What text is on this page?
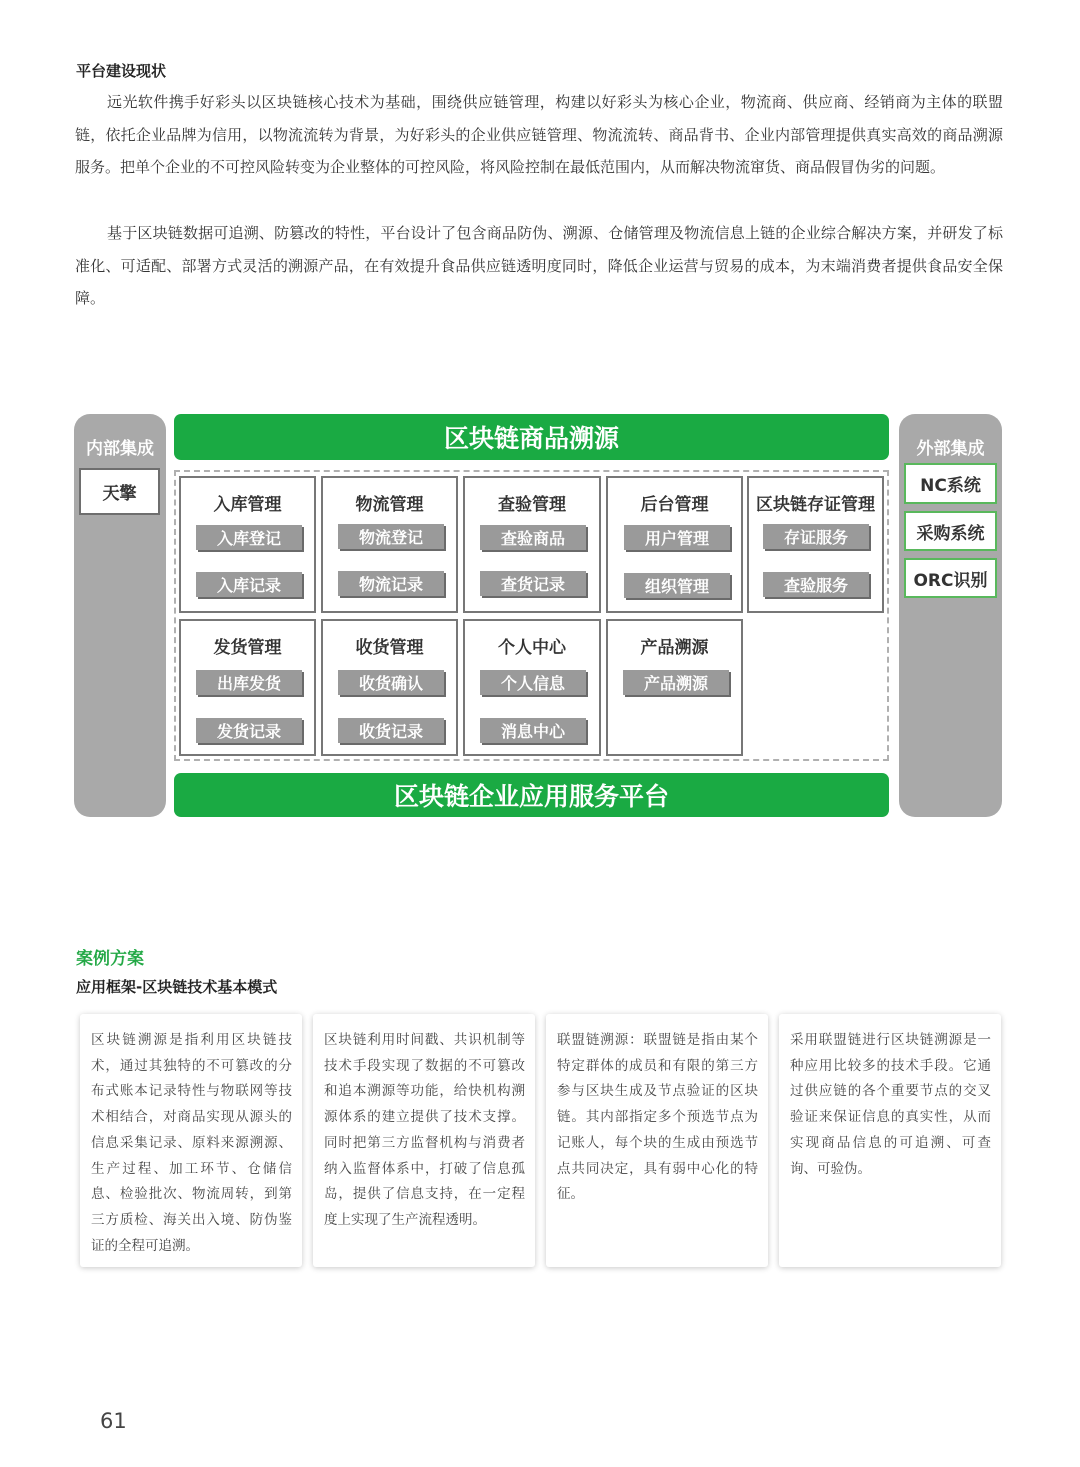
平台建设现状

远光软件携手好彩头以区块链核心技术为基础，围绕供应链管理，构建以好彩头为核心企业，物流商、供应商、经销商为主体的联盟链，依托企业品牌为信用，以物流流转为背景，为好彩头的企业供应链管理、物流流转、商品背书、企业内部管理提供真实高效的商品溯源服务。把单个企业的不可控风险转变为企业整体的可控风险，将风险控制在最低范围内，从而解决物流窜货、商品假冒伪劣的问题。

基于区块链数据可追溯、防篡改的特性，平台设计了包含商品防伪、溯源、仓储管理及物流信息上链的企业综合解决方案，并研发了标准化、可适配、部署方式灵活的溯源产品，在有效提升食品供应链透明度同时，降低企业运营与贸易的成本，为末端消费者提供食品安全保障。

内部集成
天擎
外部集成
NC系统
采购系统
ORC识别
区块链商品溯源
区块链企业应用服务平台
入库管理
入库登记
入库记录
物流管理
物流登记
物流记录
查验管理
查验商品
查货记录
后台管理
用户管理
组织管理
区块链存证管理
存证服务
查验服务
发货管理
出库发货
发货记录
收货管理
收货确认
收货记录
个人中心
个人信息
消息中心
产品溯源
产品溯源
案例方案
应用框架-区块链技术基本模式
区块链溯源是指利用区块链技术，通过其独特的不可篡改的分布式账本记录特性与物联网等技术相结合，对商品实现从源头的信息采集记录、原料来源溯源、生产过程、加工环节、仓储信息、检验批次、物流周转，到第三方质检、海关出入境、防伪鉴证的全程可追溯。
区块链利用时间戳、共识机制等技术手段实现了数据的不可篡改和追本溯源等功能，给快机构溯源体系的建立提供了技术支撑。同时把第三方监督机构与消费者纳入监督体系中，打破了信息孤岛，提供了信息支持，在一定程度上实现了生产流程透明。
联盟链溯源：联盟链是指由某个特定群体的成员和有限的第三方参与区块生成及节点验证的区块链。其内部指定多个预选节点为记账人，每个块的生成由预选节点共同决定，具有弱中心化的特征。
采用联盟链进行区块链溯源是一种应用比较多的技术手段。它通过供应链的各个重要节点的交叉验证来保证信息的真实性，从而实现商品信息的可追溯、可查询、可验伪。
61
